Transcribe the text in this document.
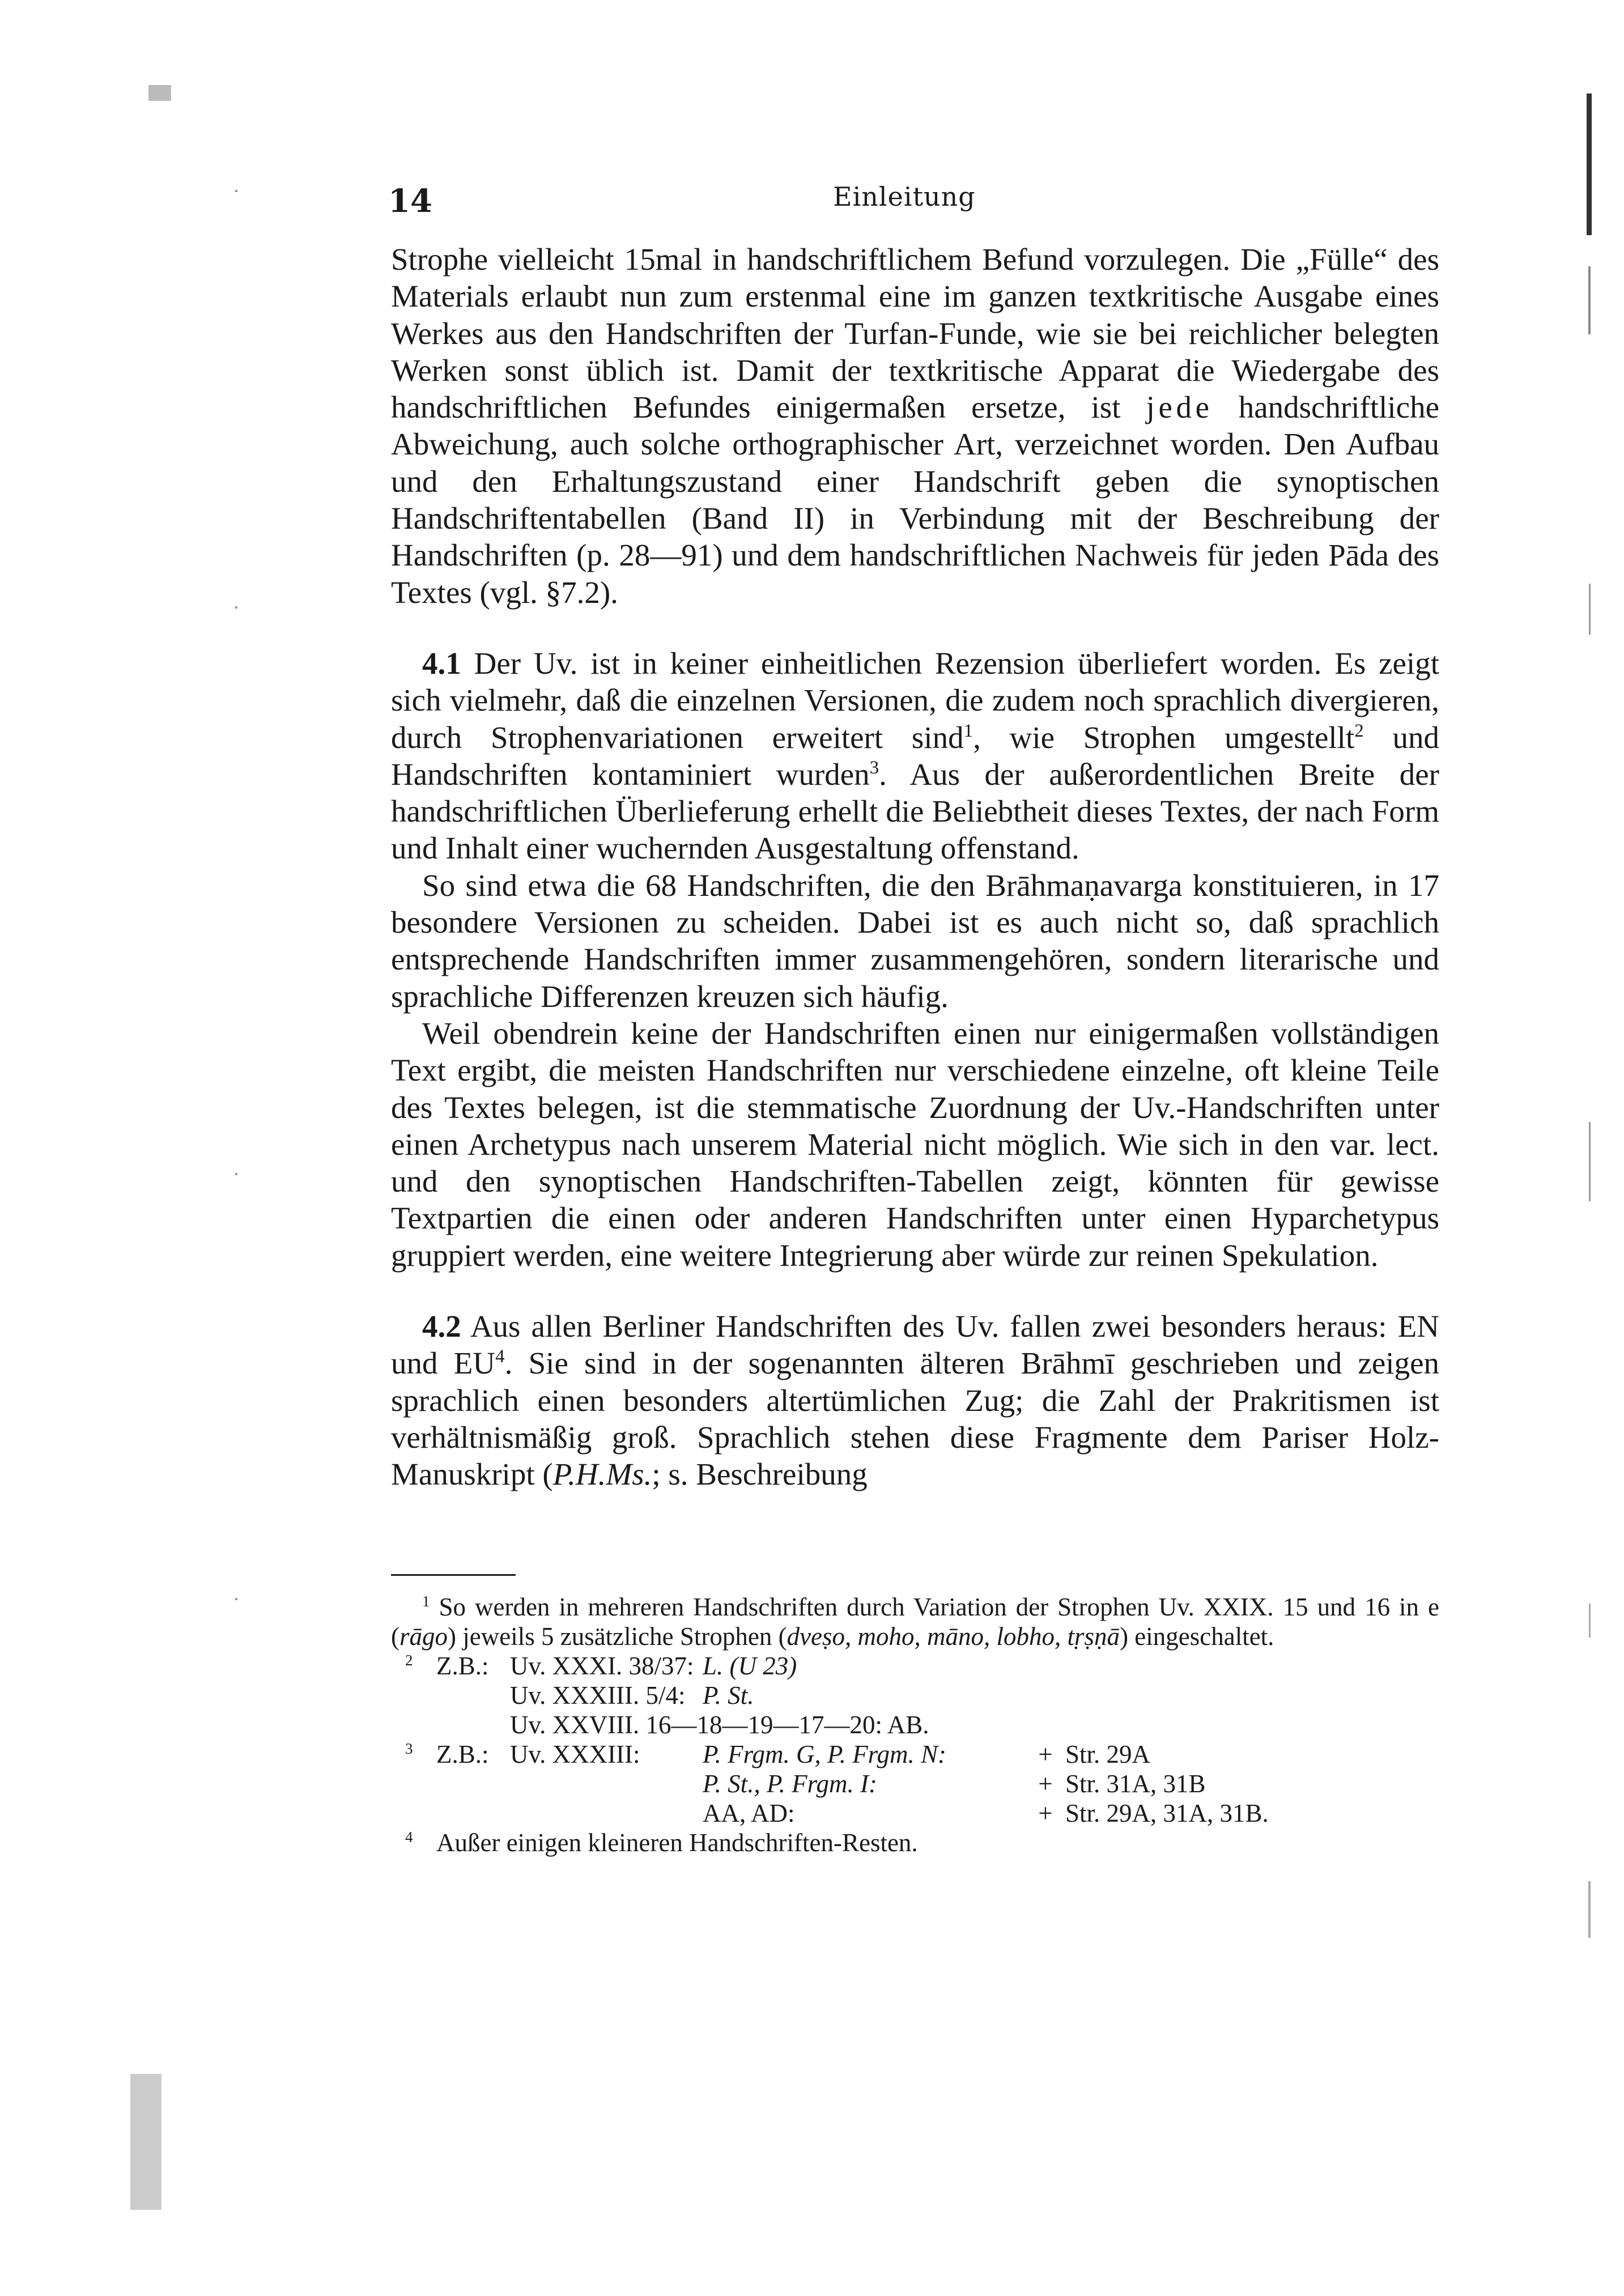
14	Einleitung

Strophe vielleicht 15mal in handschriftlichem Befund vorzulegen. Die „Fülle“ des Materials erlaubt nun zum erstenmal eine im ganzen textkritische Ausgabe eines Werkes aus den Handschriften der Turfan-Funde, wie sie bei reichlicher belegten Werken sonst üblich ist. Damit der textkritische Apparat die Wiedergabe des handschriftlichen Befundes einigermaßen ersetze, ist jede handschriftliche Abweichung, auch solche orthographischer Art, verzeichnet worden. Den Aufbau und den Erhaltungszustand einer Handschrift geben die synoptischen Handschriftentabellen (Band II) in Verbindung mit der Beschreibung der Handschriften (p. 28—91) und dem handschriftlichen Nachweis für jeden Pāda des Textes (vgl. §7.2).

4.1 Der Uv. ist in keiner einheitlichen Rezension überliefert worden. Es zeigt sich vielmehr, daß die einzelnen Versionen, die zudem noch sprachlich divergieren, durch Strophenvariationen erweitert sind$^1$, wie Strophen umgestellt$^2$ und Handschriften kontaminiert wurden$^3$. Aus der außerordentlichen Breite der handschriftlichen Überlieferung erhellt die Beliebtheit dieses Textes, der nach Form und Inhalt einer wuchernden Ausgestaltung offenstand.

So sind etwa die 68 Handschriften, die den Brāhmaṇavarga konstituieren, in 17 besondere Versionen zu scheiden. Dabei ist es auch nicht so, daß sprachlich entsprechende Handschriften immer zusammengehören, sondern literarische und sprachliche Differenzen kreuzen sich häufig.

Weil obendrein keine der Handschriften einen nur einigermaßen vollständigen Text ergibt, die meisten Handschriften nur verschiedene einzelne, oft kleine Teile des Textes belegen, ist die stemmatische Zuordnung der Uv.-Handschriften unter einen Archetypus nach unserem Material nicht möglich. Wie sich in den var. lect. und den synoptischen Handschriften-Tabellen zeigt, könnten für gewisse Textpartien die einen oder anderen Handschriften unter einen Hyparchetypus gruppiert werden, eine weitere Integrierung aber würde zur reinen Spekulation.

4.2 Aus allen Berliner Handschriften des Uv. fallen zwei besonders heraus: EN und $EU^4$. Sie sind in der sogenannten älteren Brāhmī geschrieben und zeigen sprachlich einen besonders altertümlichen Zug; die Zahl der Prakritismen ist verhältnismäßig groß. Sprachlich stehen diese Fragmente dem Pariser Holz-Manuskript (P.H.Ms.; s. Beschreibung

$^1$ So werden in mehreren Handschriften durch Variation der Strophen Uv. XXIX. 15 und 16 in e (rāgo) jeweils 5 zusätzliche Strophen (dveṣo, moho, māno, lobho, tṛṣṇā) eingeschaltet.

$^2$ Z.B.: Uv. XXXI. 38/37: L. (U 23)
Uv. XXXIII. 5/4: P. St.
Uv. XXVIII. 16—18—19—17—20: AB.
$^3$ Z.B.: Uv. XXXIII:	P. Frgm. G, P. Frgm. N:	+ Str. 29A
P. St., P. Frgm. I:	+ Str. 31A, 31B
AA, AD:	+ Str. 29A, 31A, 31B.
$^4$ Außer einigen kleineren Handschriften-Resten.
